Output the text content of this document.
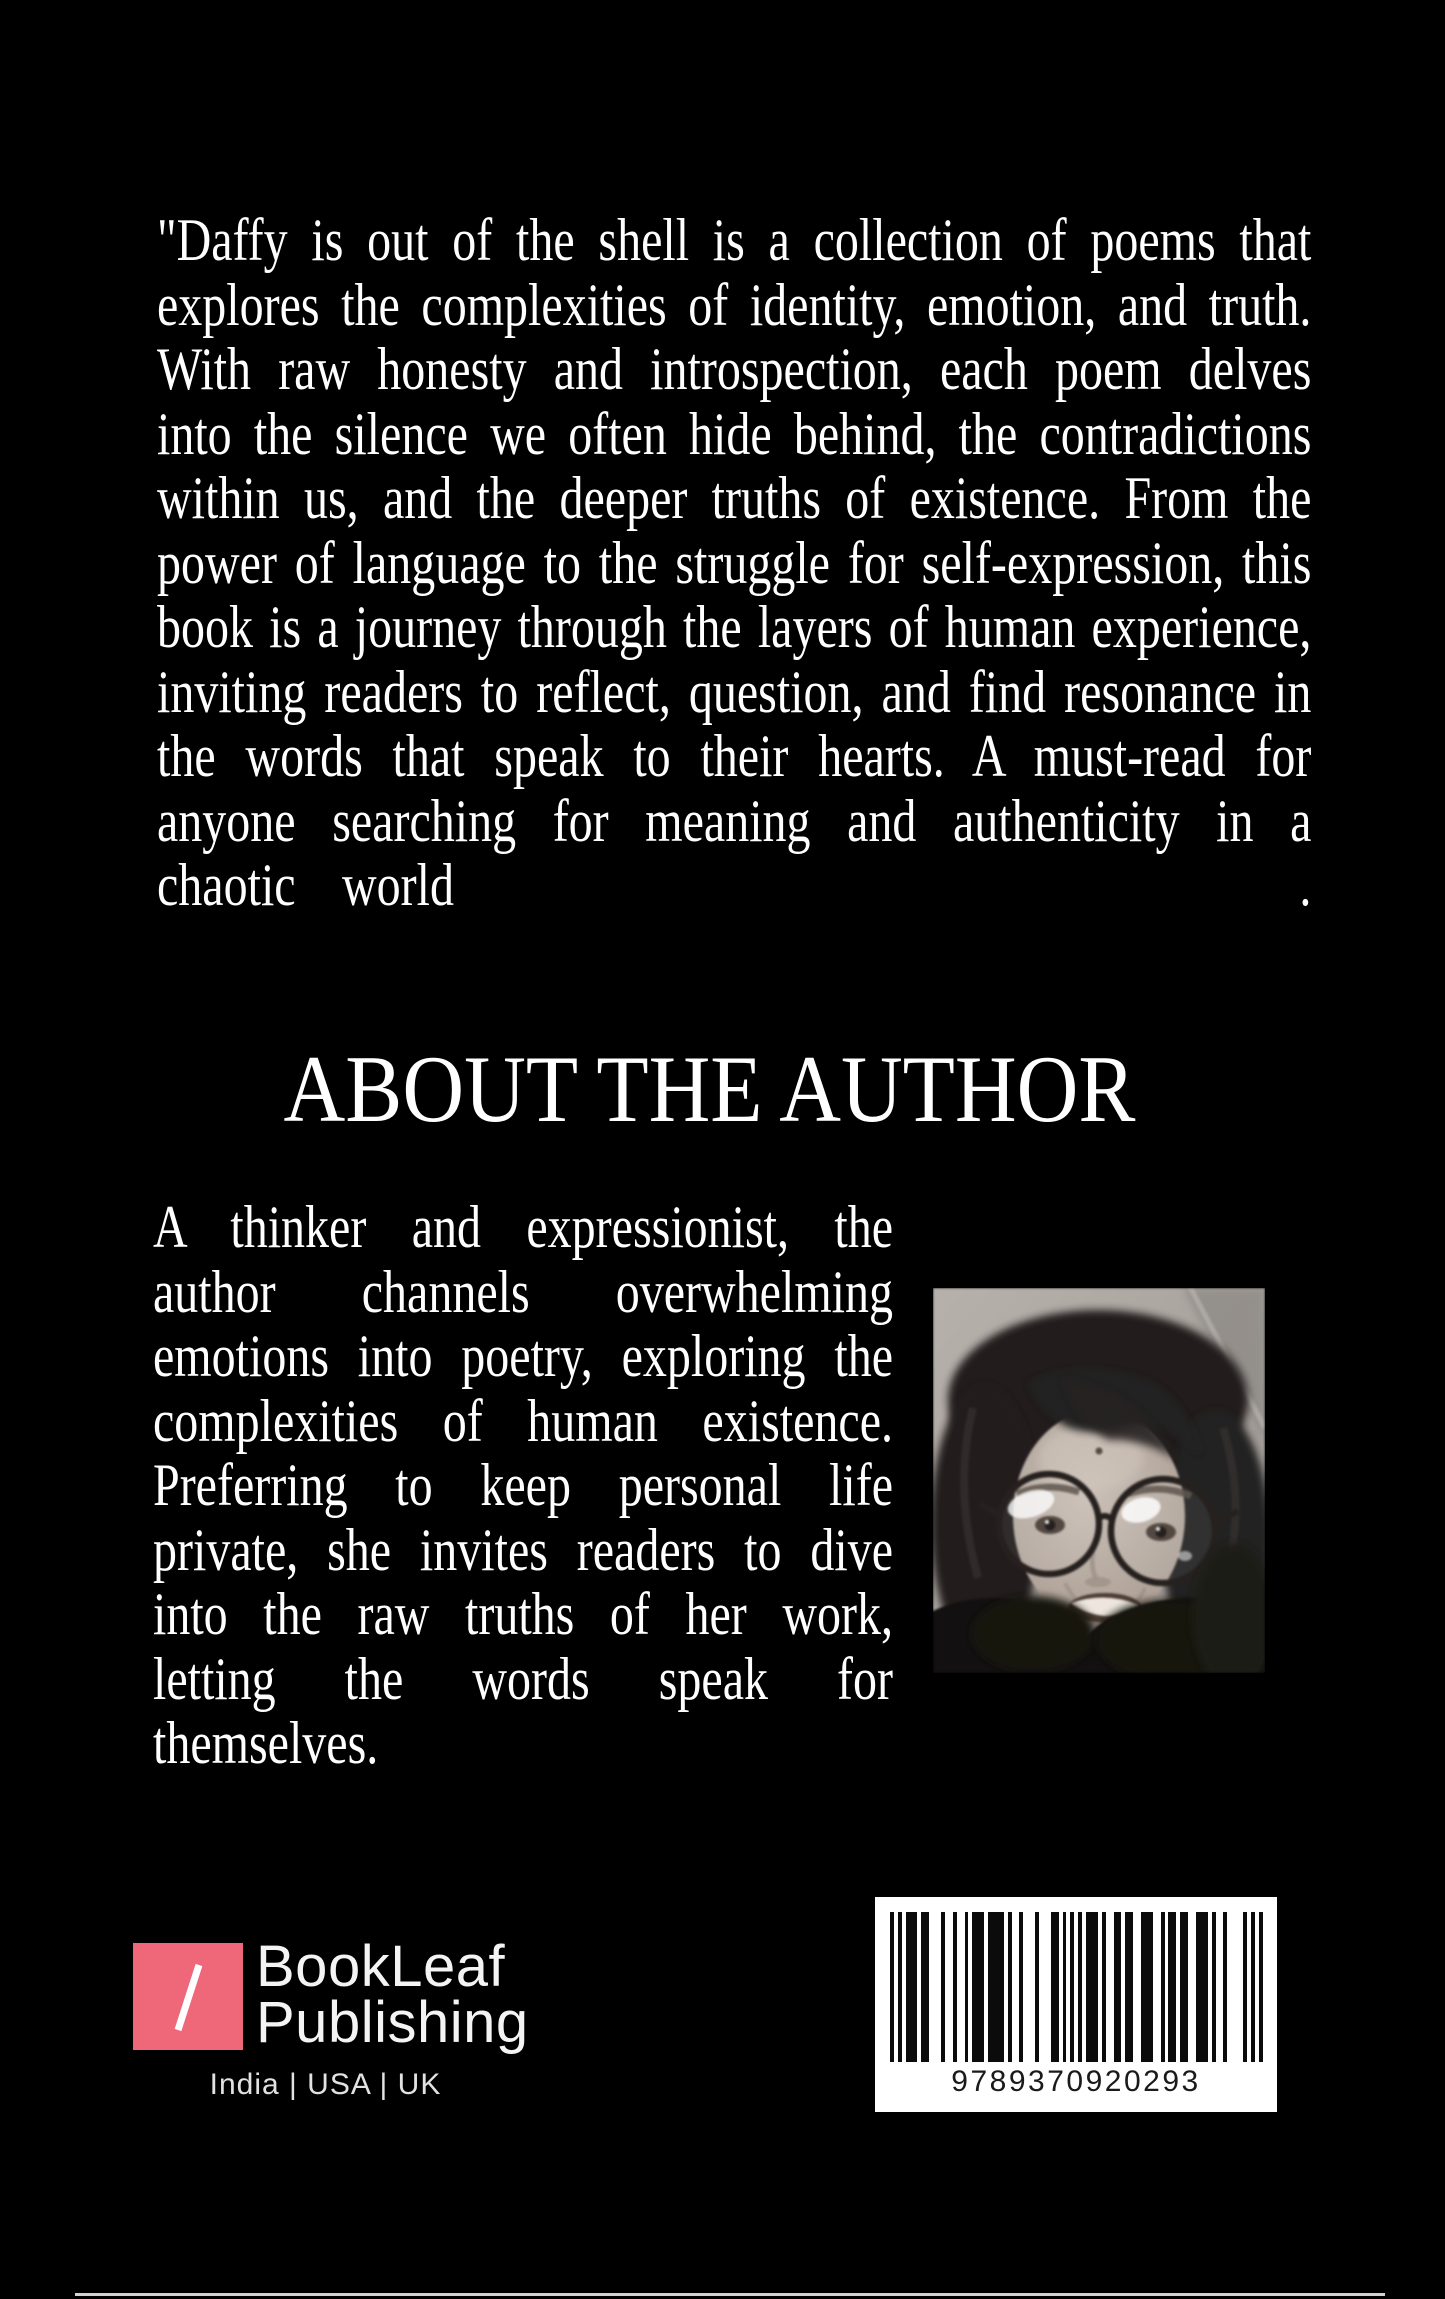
"Daffy is out of the shell is a collection of poems that
explores the complexities of identity, emotion, and truth.
With raw honesty and introspection, each poem delves
into the silence we often hide behind, the contradictions
within us, and the deeper truths of existence. From the
power of language to the struggle for self-expression, this
book is a journey through the layers of human experience,
inviting readers to reflect, question, and find resonance in
the words that speak to their hearts. A must-read for
anyone searching for meaning and authenticity in a
chaotic world	.
ABOUT THE AUTHOR
A thinker and expressionist, the
author channels overwhelming
emotions into poetry, exploring the
complexities of human existence.
Preferring to keep personal life
private, she invites readers to dive
into the raw truths of her work,
letting the words speak for
themselves.
BookLeaf
Publishing
India | USA | UK	9789370920293
